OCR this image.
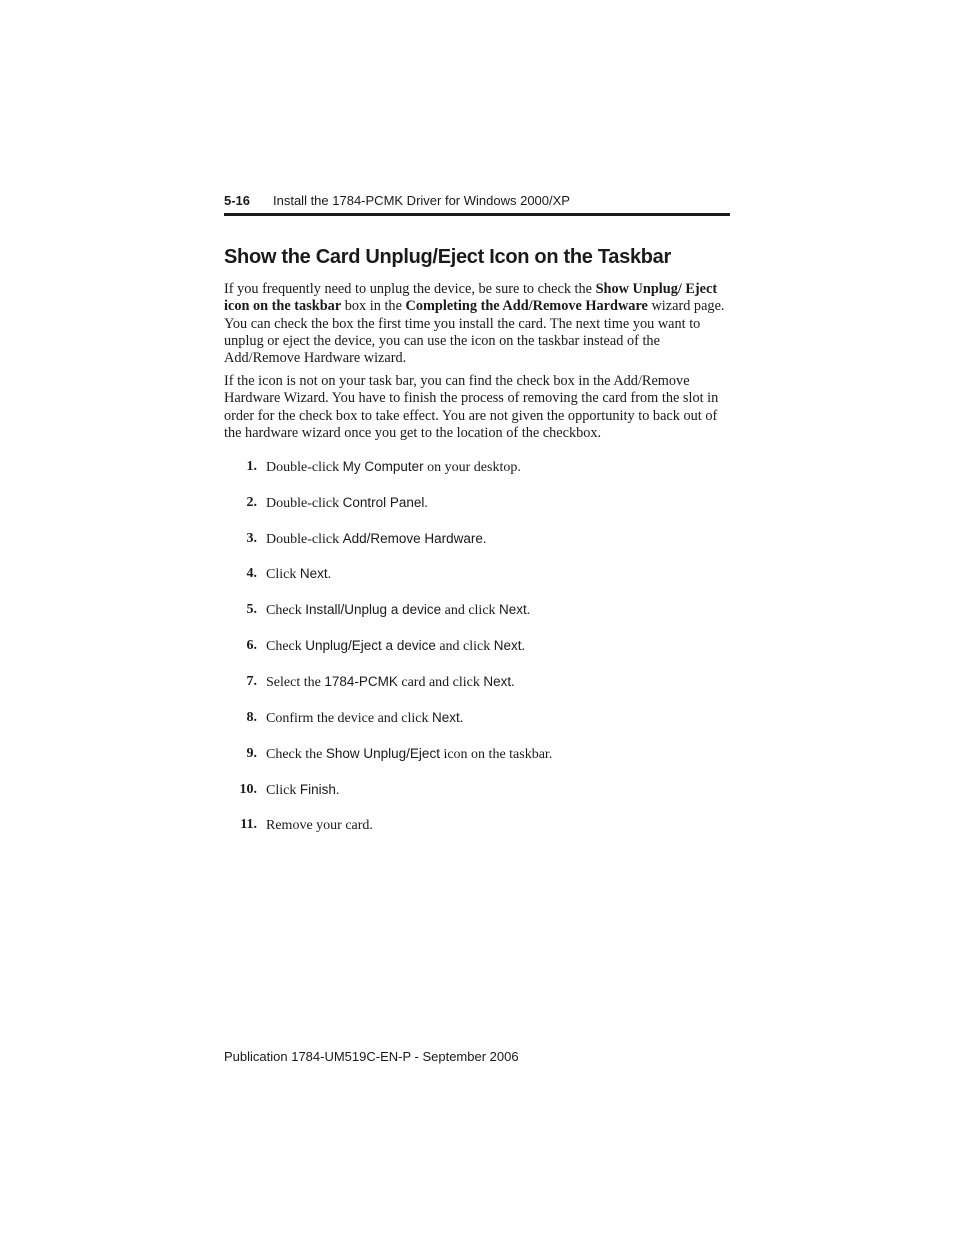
5-16 Install the 1784-PCMK Driver for Windows 2000/XP
Show the Card Unplug/Eject Icon on the Taskbar

If you frequently need to unplug the device, be sure to check the Show Unplug/ Eject icon on the taskbar box in the Completing the Add/Remove Hardware wizard page. You can check the box the first time you install the card. The next time you want to unplug or eject the device, you can use the icon on the taskbar instead of the Add/Remove Hardware wizard.

If the icon is not on your task bar, you can find the check box in the Add/Remove Hardware Wizard. You have to finish the process of removing the card from the slot in order for the check box to take effect. You are not given the opportunity to back out of the hardware wizard once you get to the location of the checkbox.

1. Double-click My Computer on your desktop.
2. Double-click Control Panel.
3. Double-click Add/Remove Hardware.
4. Click Next.
5. Check Install/Unplug a device and click Next.
6. Check Unplug/Eject a device and click Next.
7. Select the 1784-PCMK card and click Next.
8. Confirm the device and click Next.
9. Check the Show Unplug/Eject icon on the taskbar.
10. Click Finish.
11. Remove your card.
Publication 1784-UM519C-EN-P - September 2006
